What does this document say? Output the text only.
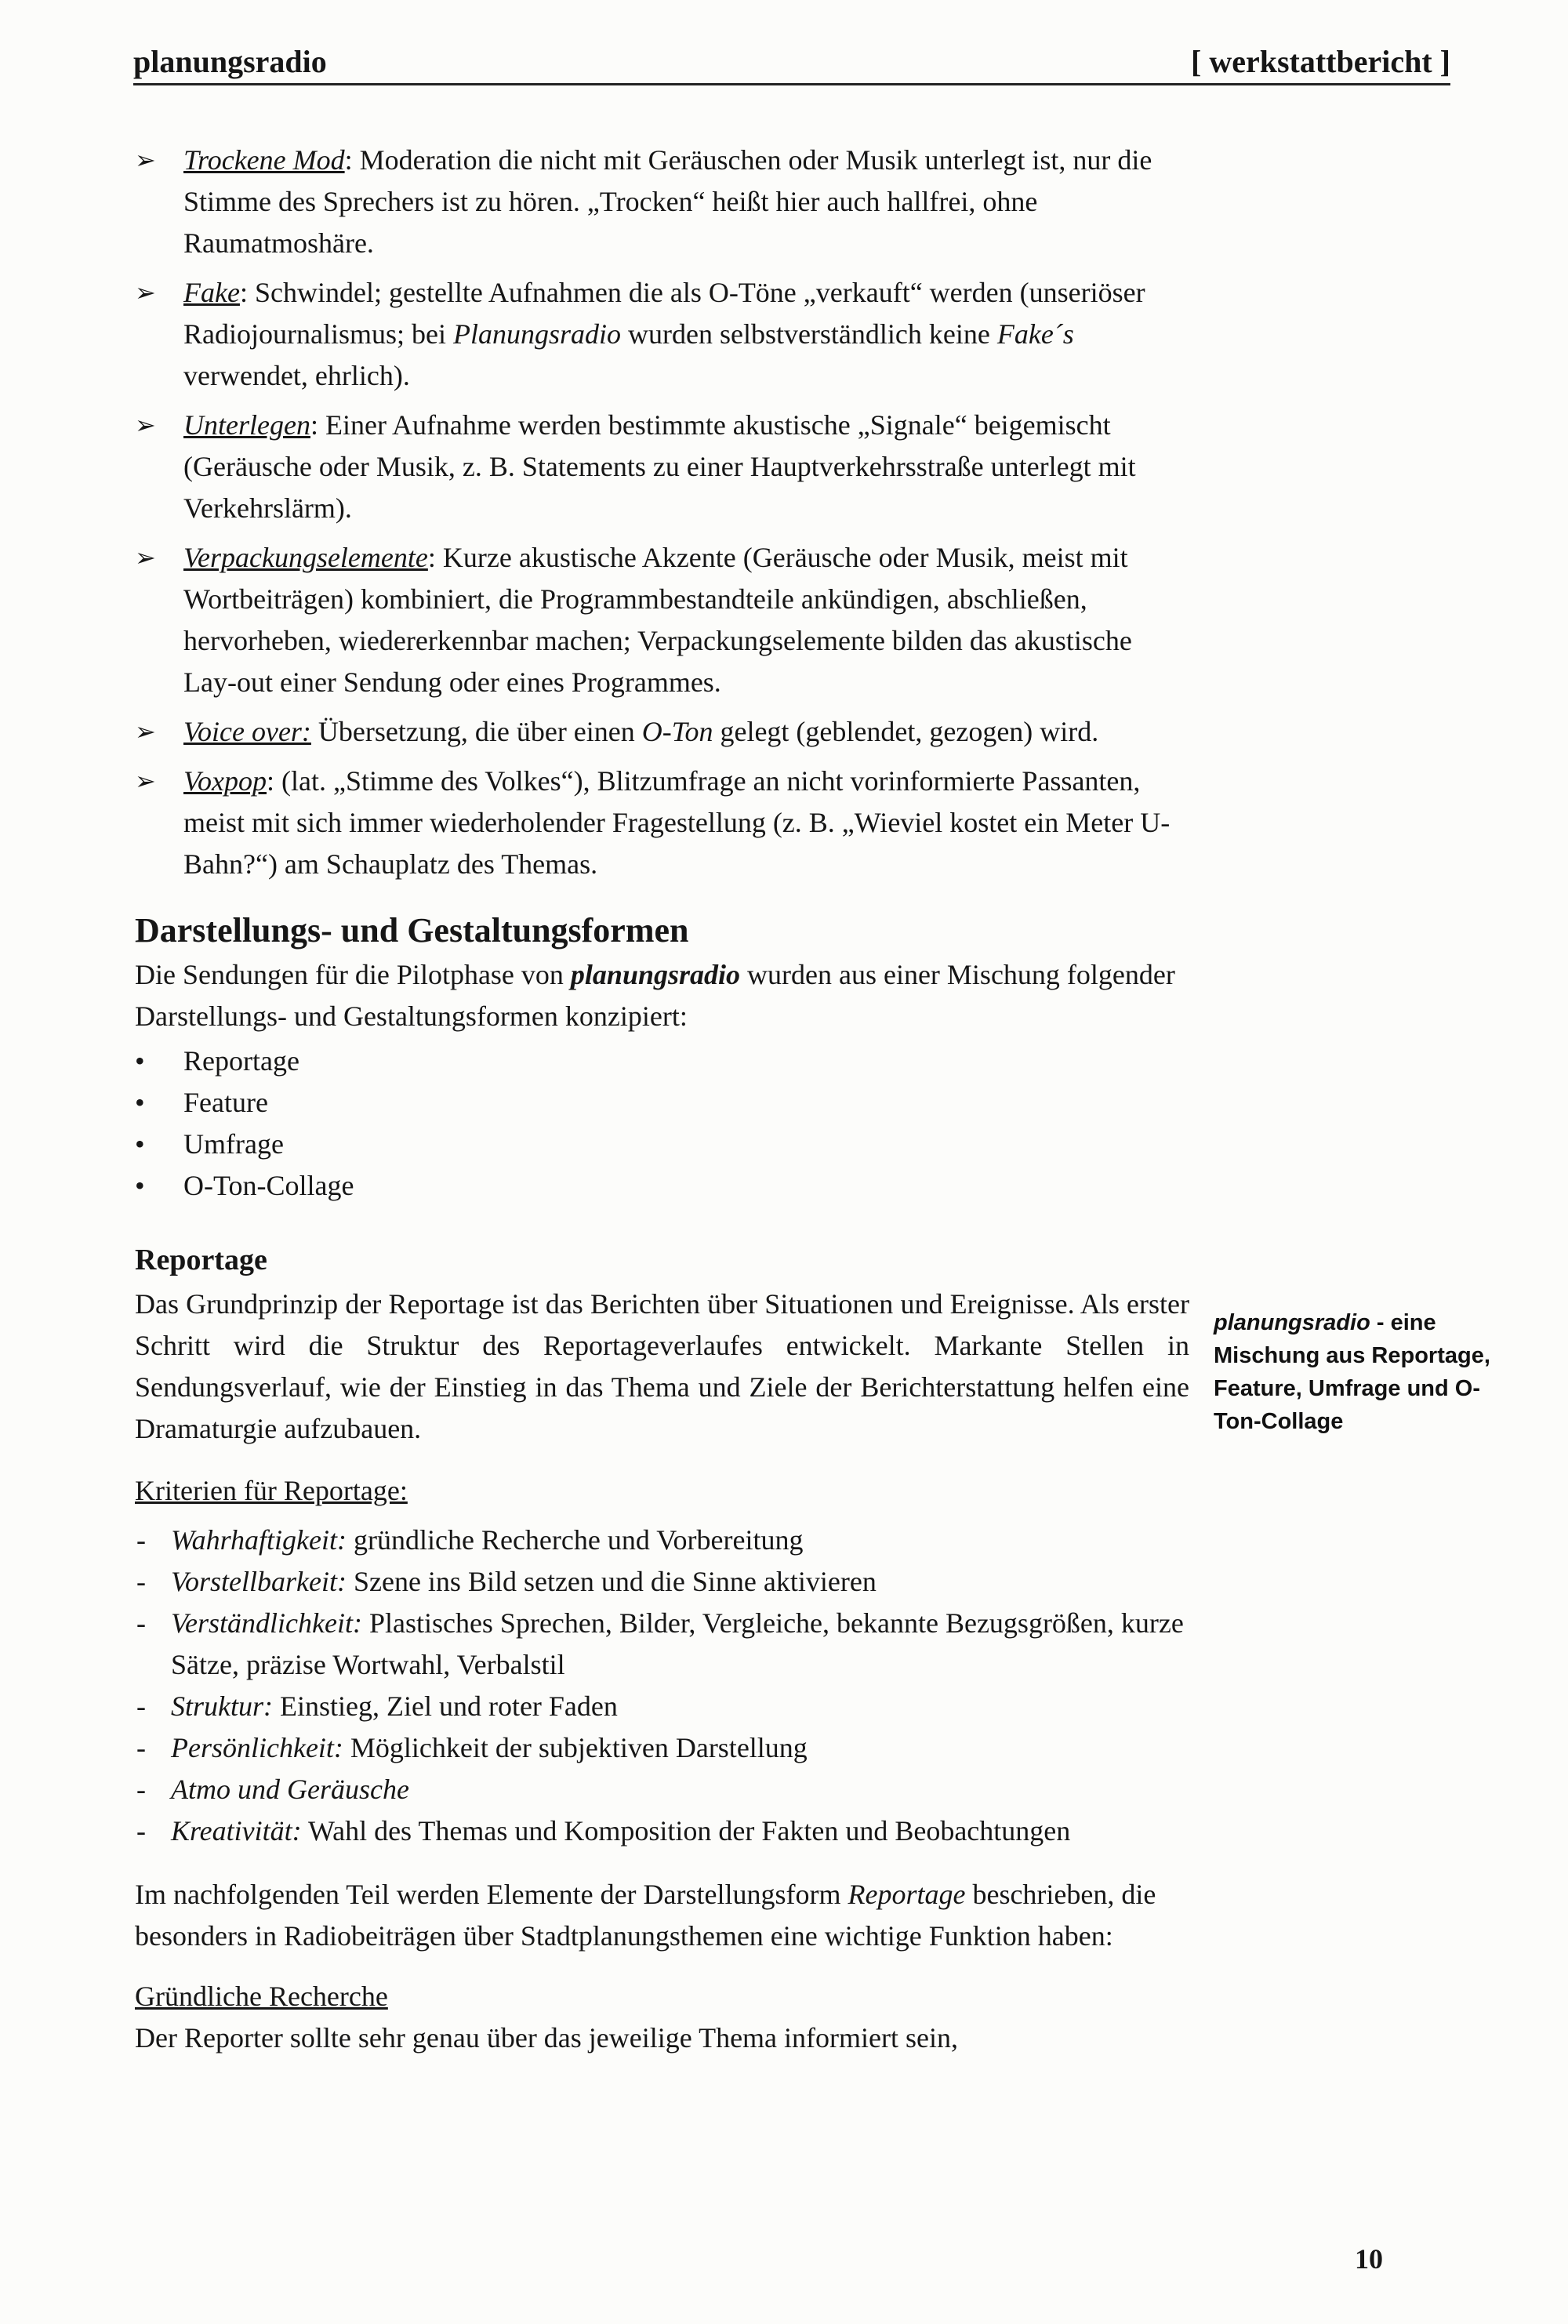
planungsradio	[ werkstattbericht ]
➢ Trockene Mod: Moderation die nicht mit Geräuschen oder Musik unterlegt ist, nur die Stimme des Sprechers ist zu hören. „Trocken“ heißt hier auch hallfrei, ohne Raumatmoshäre.
➢ Fake: Schwindel; gestellte Aufnahmen die als O-Töne „verkauft“ werden (unseriöser Radiojournalismus; bei Planungsradio wurden selbstverständlich keine Fake´s verwendet, ehrlich).
➢ Unterlegen: Einer Aufnahme werden bestimmte akustische „Signale“ beigemischt (Geräusche oder Musik, z. B. Statements zu einer Hauptverkehrsstraße unterlegt mit Verkehrslärm).
➢ Verpackungselemente: Kurze akustische Akzente (Geräusche oder Musik, meist mit Wortbeiträgen) kombiniert, die Programmbestandteile ankündigen, abschließen, hervorheben, wiedererkennbar machen; Verpackungselemente bilden das akustische Lay-out einer Sendung oder eines Programmes.
➢ Voice over: Übersetzung, die über einen O-Ton gelegt (geblendet, gezogen) wird.
➢ Voxpop: (lat. „Stimme des Volkes“), Blitzumfrage an nicht vorinformierte Passanten, meist mit sich immer wiederholender Fragestellung (z. B. „Wieviel kostet ein Meter U-Bahn?“) am Schauplatz des Themas.
Darstellungs- und Gestaltungsformen

Die Sendungen für die Pilotphase von planungsradio wurden aus einer Mischung folgender Darstellungs- und Gestaltungsformen konzipiert:

• Reportage
• Feature
• Umfrage
• O-Ton-Collage
Reportage

Das Grundprinzip der Reportage ist das Berichten über Situationen und Ereignisse. Als erster Schritt wird die Struktur des Reportageverlaufes entwickelt. Markante Stellen in Sendungsverlauf, wie der Einstieg in das Thema und Ziele der Berichterstattung helfen eine Dramaturgie aufzubauen.

Kriterien für Reportage:
- Wahrhaftigkeit: gründliche Recherche und Vorbereitung
- Vorstellbarkeit: Szene ins Bild setzen und die Sinne aktivieren
- Verständlichkeit: Plastisches Sprechen, Bilder, Vergleiche, bekannte Bezugsgrößen, kurze Sätze, präzise Wortwahl, Verbalstil
- Struktur: Einstieg, Ziel und roter Faden
- Persönlichkeit: Möglichkeit der subjektiven Darstellung
- Atmo und Geräusche
- Kreativität: Wahl des Themas und Komposition der Fakten und Beobachtungen

Im nachfolgenden Teil werden Elemente der Darstellungsform Reportage beschrieben, die besonders in Radiobeiträgen über Stadtplanungsthemen eine wichtige Funktion haben:

Gründliche Recherche

Der Reporter sollte sehr genau über das jeweilige Thema informiert sein,

planungsradio - eine Mischung aus Reportage, Feature, Umfrage und O-Ton-Collage
10
